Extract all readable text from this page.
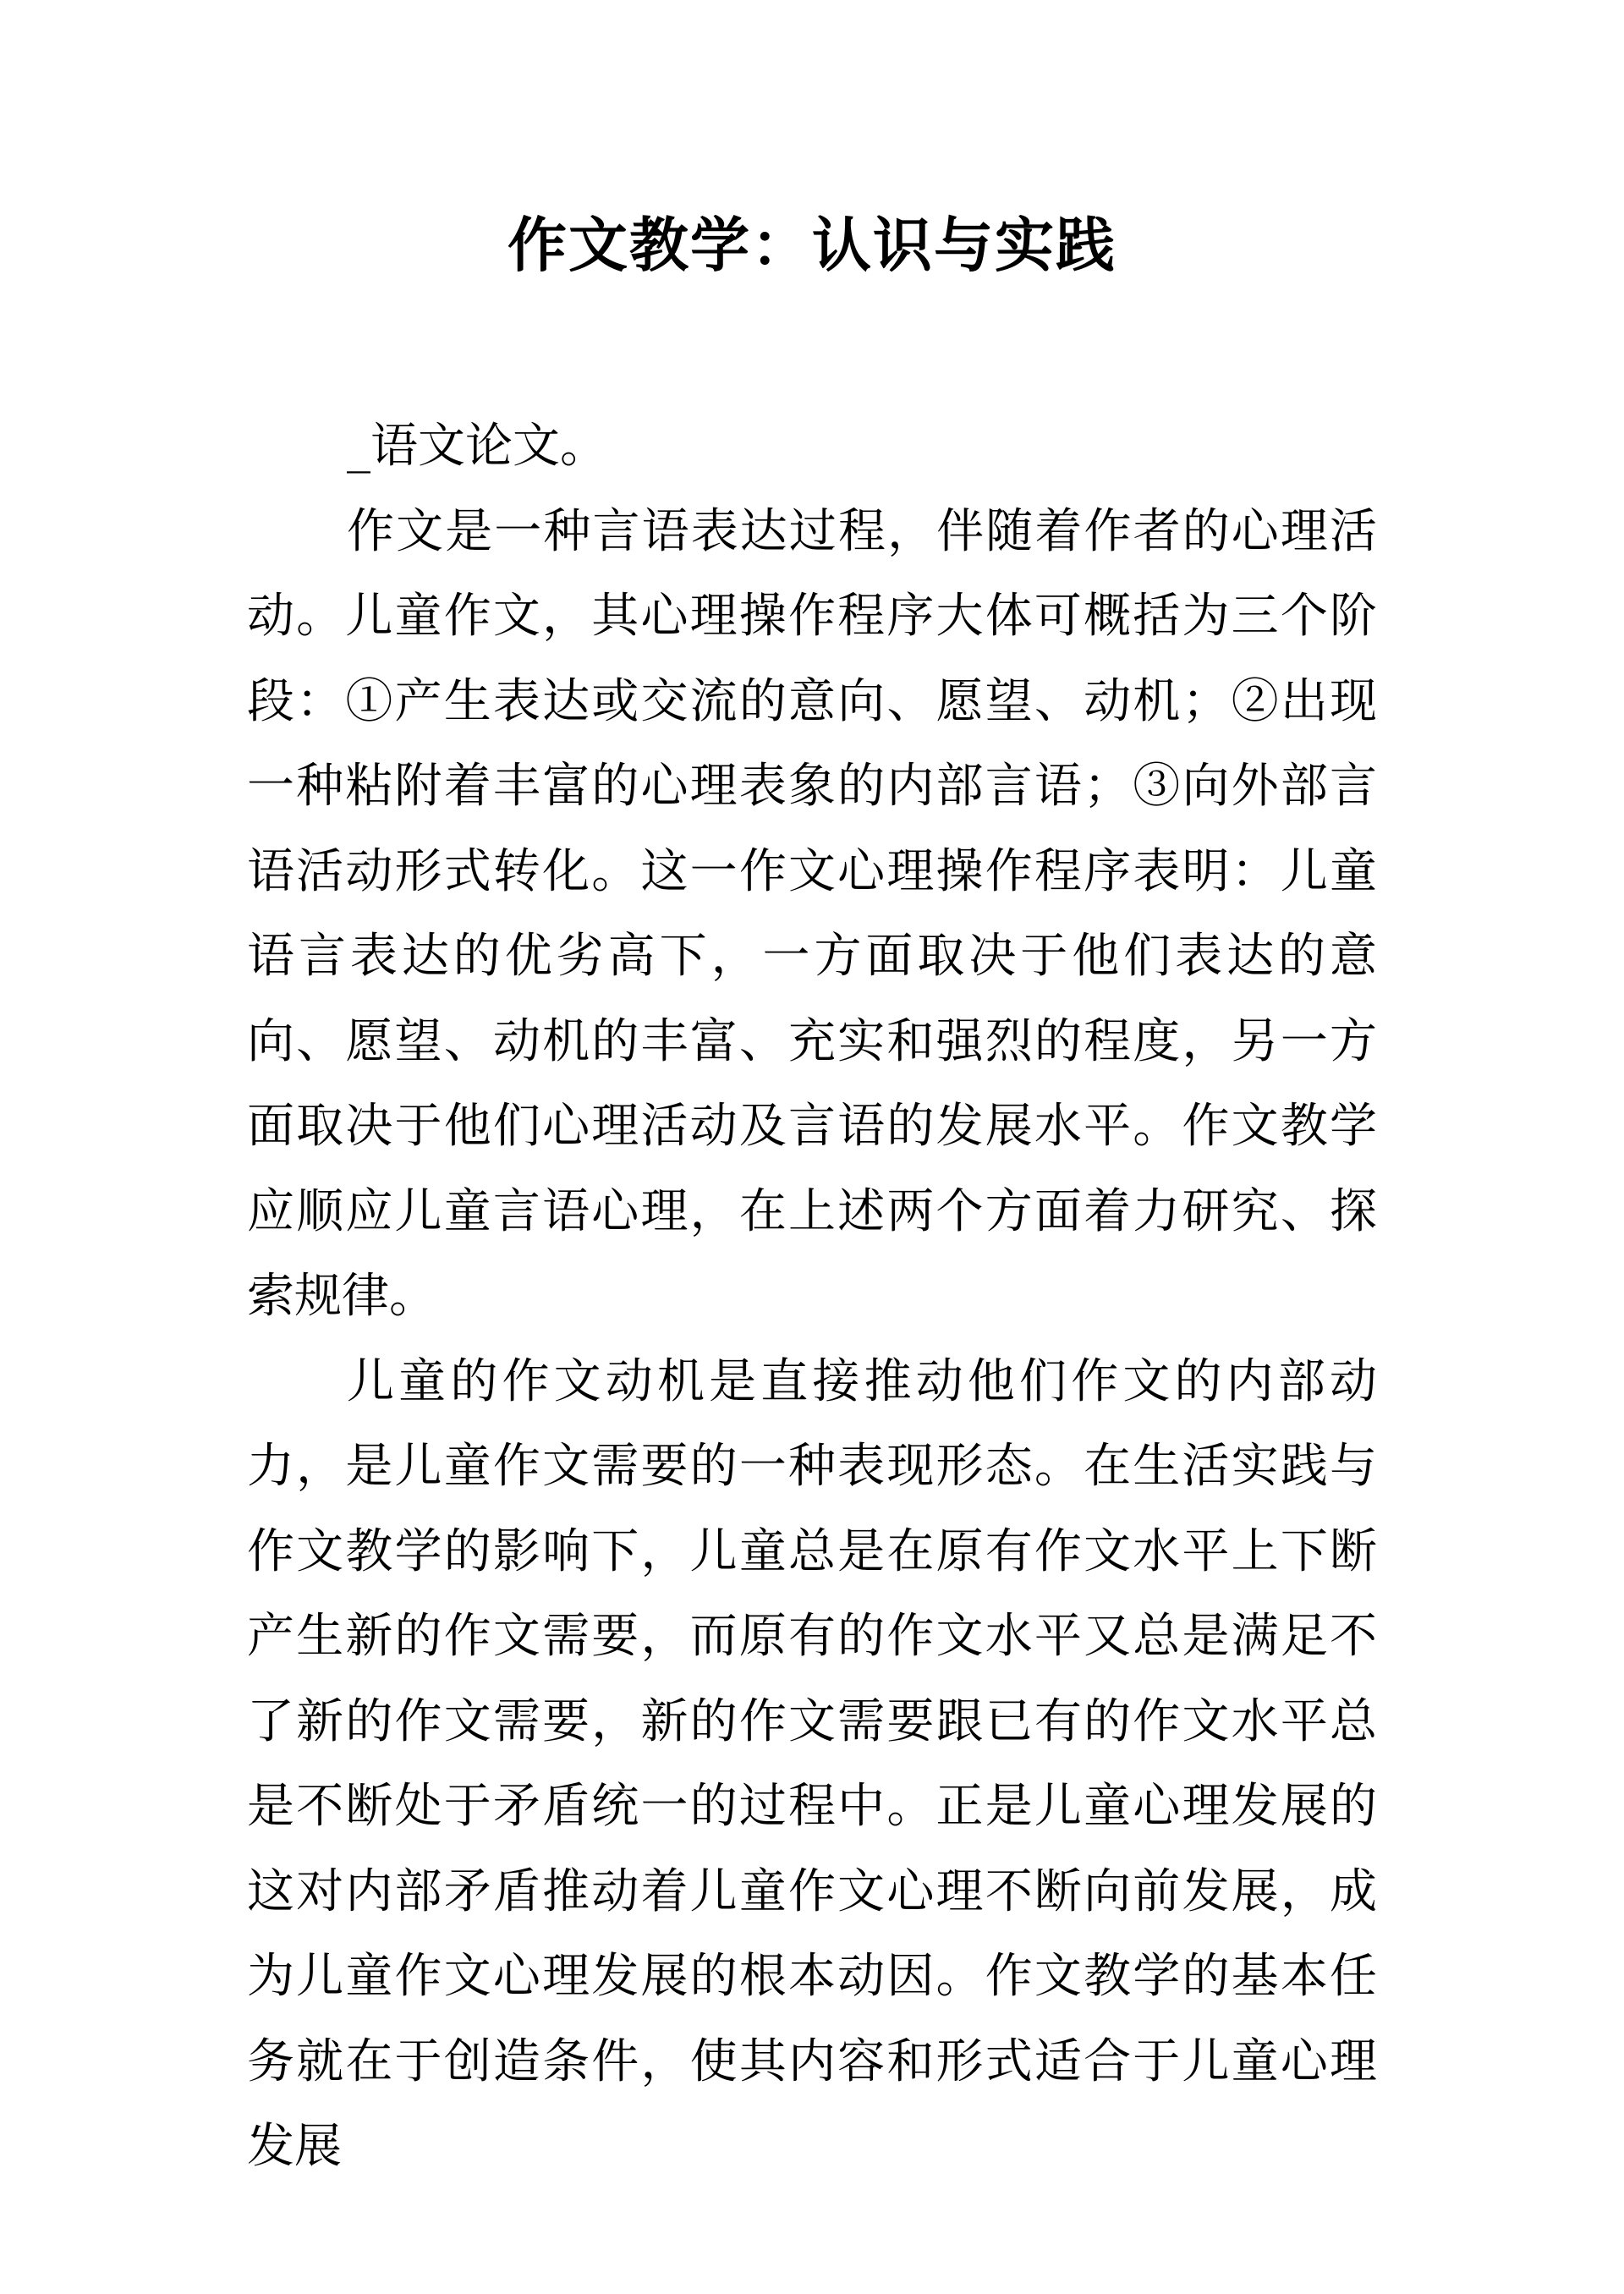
作文教学：认识与实践

_语文论文。

作文是一种言语表达过程，伴随着作者的心理活动。儿童作文，其心理操作程序大体可概括为三个阶段：①产生表达或交流的意向、愿望、动机；②出现一种粘附着丰富的心理表象的内部言语；③向外部言语活动形式转化。这一作文心理操作程序表明：儿童语言表达的优劣高下，一方面取决于他们表达的意向、愿望、动机的丰富、充实和强烈的程度，另一方面取决于他们心理活动及言语的发展水平。作文教学应顺应儿童言语心理，在上述两个方面着力研究、探索规律。

儿童的作文动机是直接推动他们作文的内部动力，是儿童作文需要的一种表现形态。在生活实践与作文教学的影响下，儿童总是在原有作文水平上下断产生新的作文需要，而原有的作文水平又总是满足不了新的作文需要，新的作文需要跟已有的作文水平总是不断处于矛盾统一的过程中。正是儿童心理发展的这对内部矛盾推动着儿童作文心理不断向前发展，成为儿童作文心理发展的根本动因。作文教学的基本任务就在于创造条件，使其内容和形式适合于儿童心理发展
